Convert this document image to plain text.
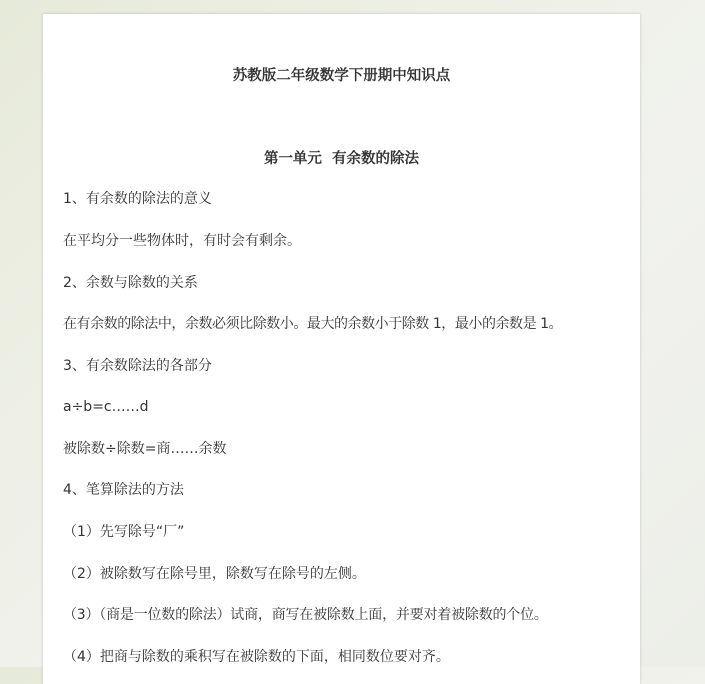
苏教版二年级数学下册期中知识点
第一单元  有余数的除法
1、有余数的除法的意义
在平均分一些物体时，有时会有剩余。
2、余数与除数的关系
在有余数的除法中，余数必须比除数小。最大的余数小于除数 1，最小的余数是 1。
3、有余数除法的各部分
a÷b=c……d
被除数÷除数=商……余数
4、笔算除法的方法
（1）先写除号“厂”
（2）被除数写在除号里，除数写在除号的左侧。
（3）（商是一位数的除法）试商，商写在被除数上面，并要对着被除数的个位。
（4）把商与除数的乘积写在被除数的下面，相同数位要对齐。
